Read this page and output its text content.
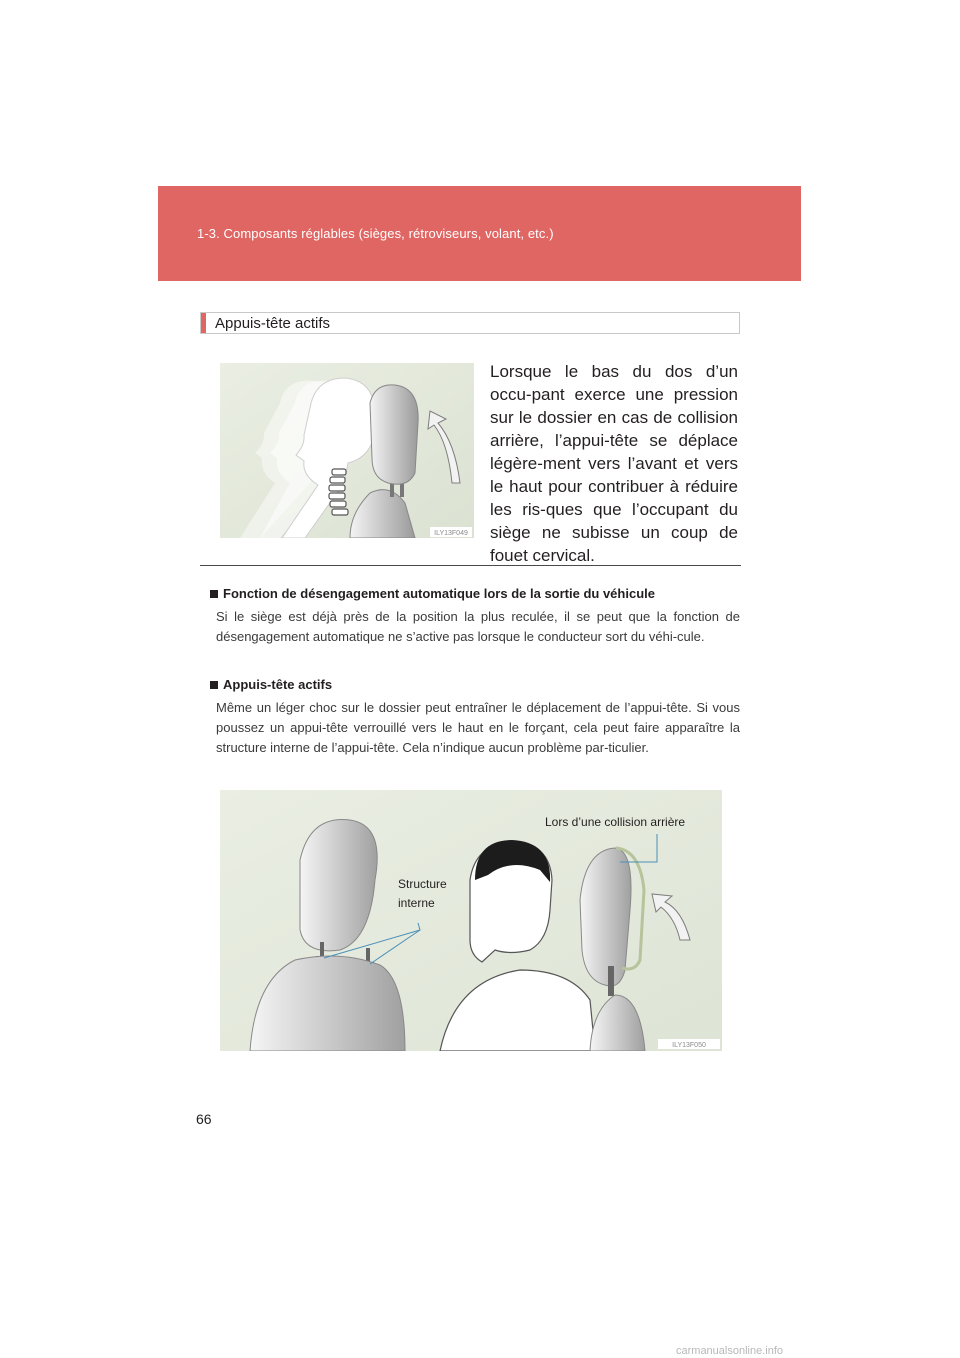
1-3. Composants réglables (sièges, rétroviseurs, volant, etc.)
Appuis-tête actifs
ILY13F049
Lorsque le bas du dos d’un occu-pant exerce une pression sur le dossier en cas de collision arrière, l’appui-tête se déplace légère-ment vers l’avant et vers le haut pour contribuer à réduire les ris-ques que l’occupant du siège ne subisse un coup de fouet cervical.
Fonction de désengagement automatique lors de la sortie du véhicule
Si le siège est déjà près de la position la plus reculée, il se peut que la fonction de désengagement automatique ne s’active pas lorsque le conducteur sort du véhi-cule.
Appuis-tête actifs
Même un léger choc sur le dossier peut entraîner le déplacement de l’appui-tête. Si vous poussez un appui-tête verrouillé vers le haut en le forçant, cela peut faire apparaître la structure interne de l’appui-tête. Cela n’indique aucun problème par-ticulier.
ILY13F050
Structure interne
Lors d’une collision arrière
66
carmanualsonline.info
